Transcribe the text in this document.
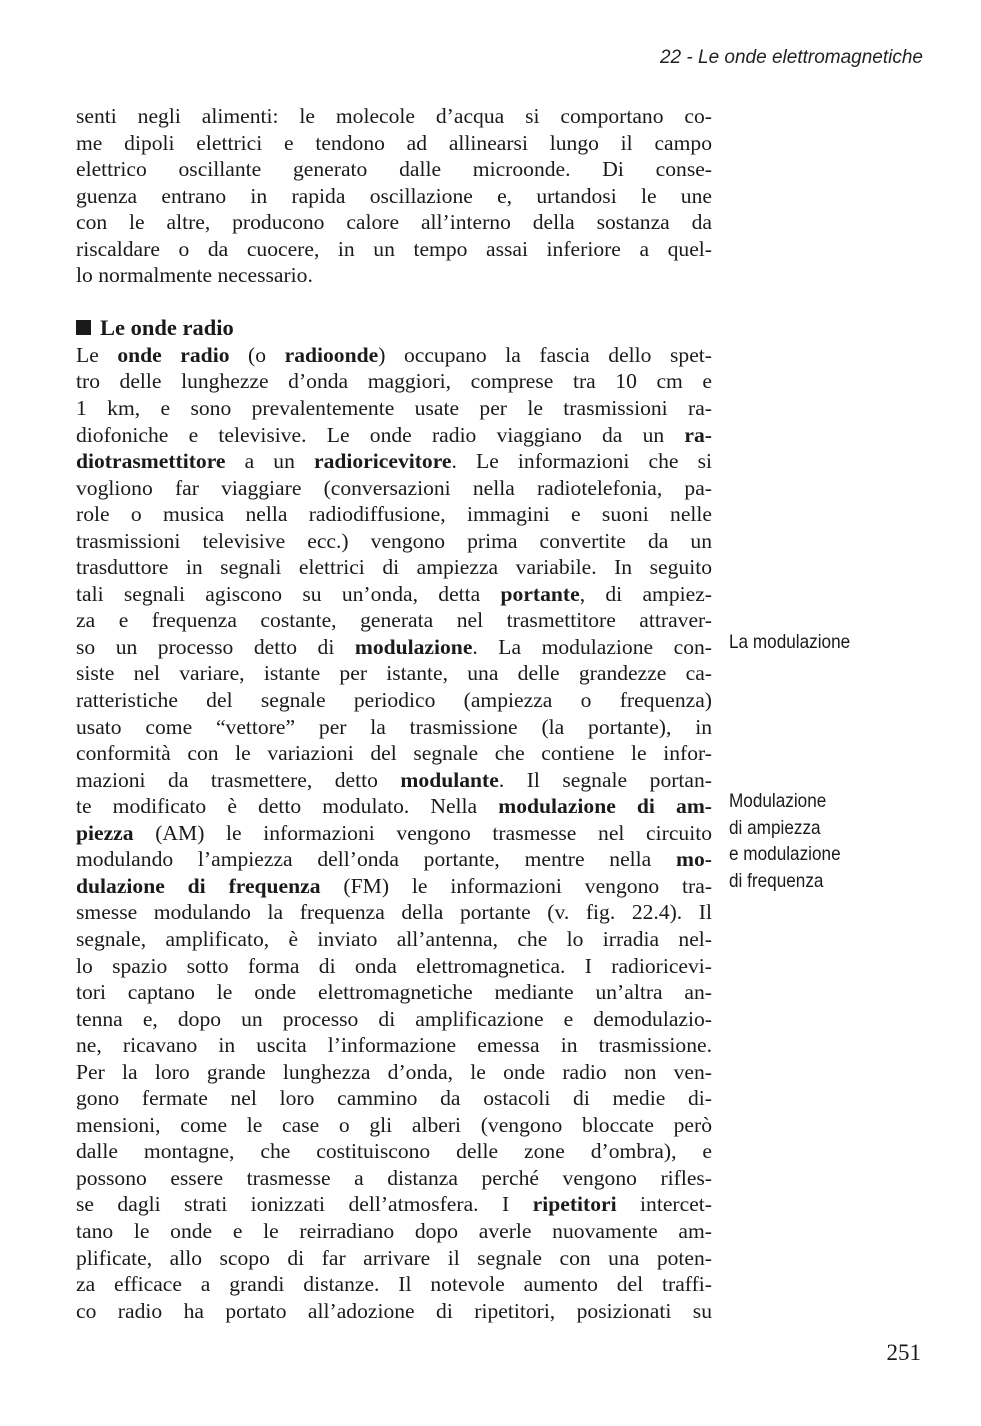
22 - Le onde elettromagnetiche
senti negli alimenti: le molecole d’acqua si comportano co-
me dipoli elettrici e tendono ad allinearsi lungo il campo
elettrico oscillante generato dalle microonde. Di conse-
guenza entrano in rapida oscillazione e, urtandosi le une
con le altre, producono calore all’interno della sostanza da
riscaldare o da cuocere, in un tempo assai inferiore a quel-
lo normalmente necessario.
Le onde radio
Le onde radio (o radioonde) occupano la fascia dello spet-
tro delle lunghezze d’onda maggiori, comprese tra 10 cm e
1 km, e sono prevalentemente usate per le trasmissioni ra-
diofoniche e televisive. Le onde radio viaggiano da un ra-
diotrasmettitore a un radioricevitore. Le informazioni che si
vogliono far viaggiare (conversazioni nella radiotelefonia, pa-
role o musica nella radiodiffusione, immagini e suoni nelle
trasmissioni televisive ecc.) vengono prima convertite da un
trasduttore in segnali elettrici di ampiezza variabile. In seguito
tali segnali agiscono su un’onda, detta portante, di ampiez-
za e frequenza costante, generata nel trasmettitore attraver-
so un processo detto di modulazione. La modulazione con-
siste nel variare, istante per istante, una delle grandezze ca-
ratteristiche del segnale periodico (ampiezza o frequenza)
usato come “vettore” per la trasmissione (la portante), in
conformità con le variazioni del segnale che contiene le infor-
mazioni da trasmettere, detto modulante. Il segnale portan-
te modificato è detto modulato. Nella modulazione di am-
piezza (AM) le informazioni vengono trasmesse nel circuito
modulando l’ampiezza dell’onda portante, mentre nella mo-
dulazione di frequenza (FM) le informazioni vengono tra-
smesse modulando la frequenza della portante (v. fig. 22.4). Il
segnale, amplificato, è inviato all’antenna, che lo irradia nel-
lo spazio sotto forma di onda elettromagnetica. I radioricevi-
tori captano le onde elettromagnetiche mediante un’altra an-
tenna e, dopo un processo di amplificazione e demodulazio-
ne, ricavano in uscita l’informazione emessa in trasmissione.
Per la loro grande lunghezza d’onda, le onde radio non ven-
gono fermate nel loro cammino da ostacoli di medie di-
mensioni, come le case o gli alberi (vengono bloccate però
dalle montagne, che costituiscono delle zone d’ombra), e
possono essere trasmesse a distanza perché vengono rifles-
se dagli strati ionizzati dell’atmosfera. I ripetitori intercet-
tano le onde e le reirradiano dopo averle nuovamente am-
plificate, allo scopo di far arrivare il segnale con una poten-
za efficace a grandi distanze. Il notevole aumento del traffi-
co radio ha portato all’adozione di ripetitori, posizionati su
La modulazione
Modulazione
di ampiezza
e modulazione
di frequenza
251
